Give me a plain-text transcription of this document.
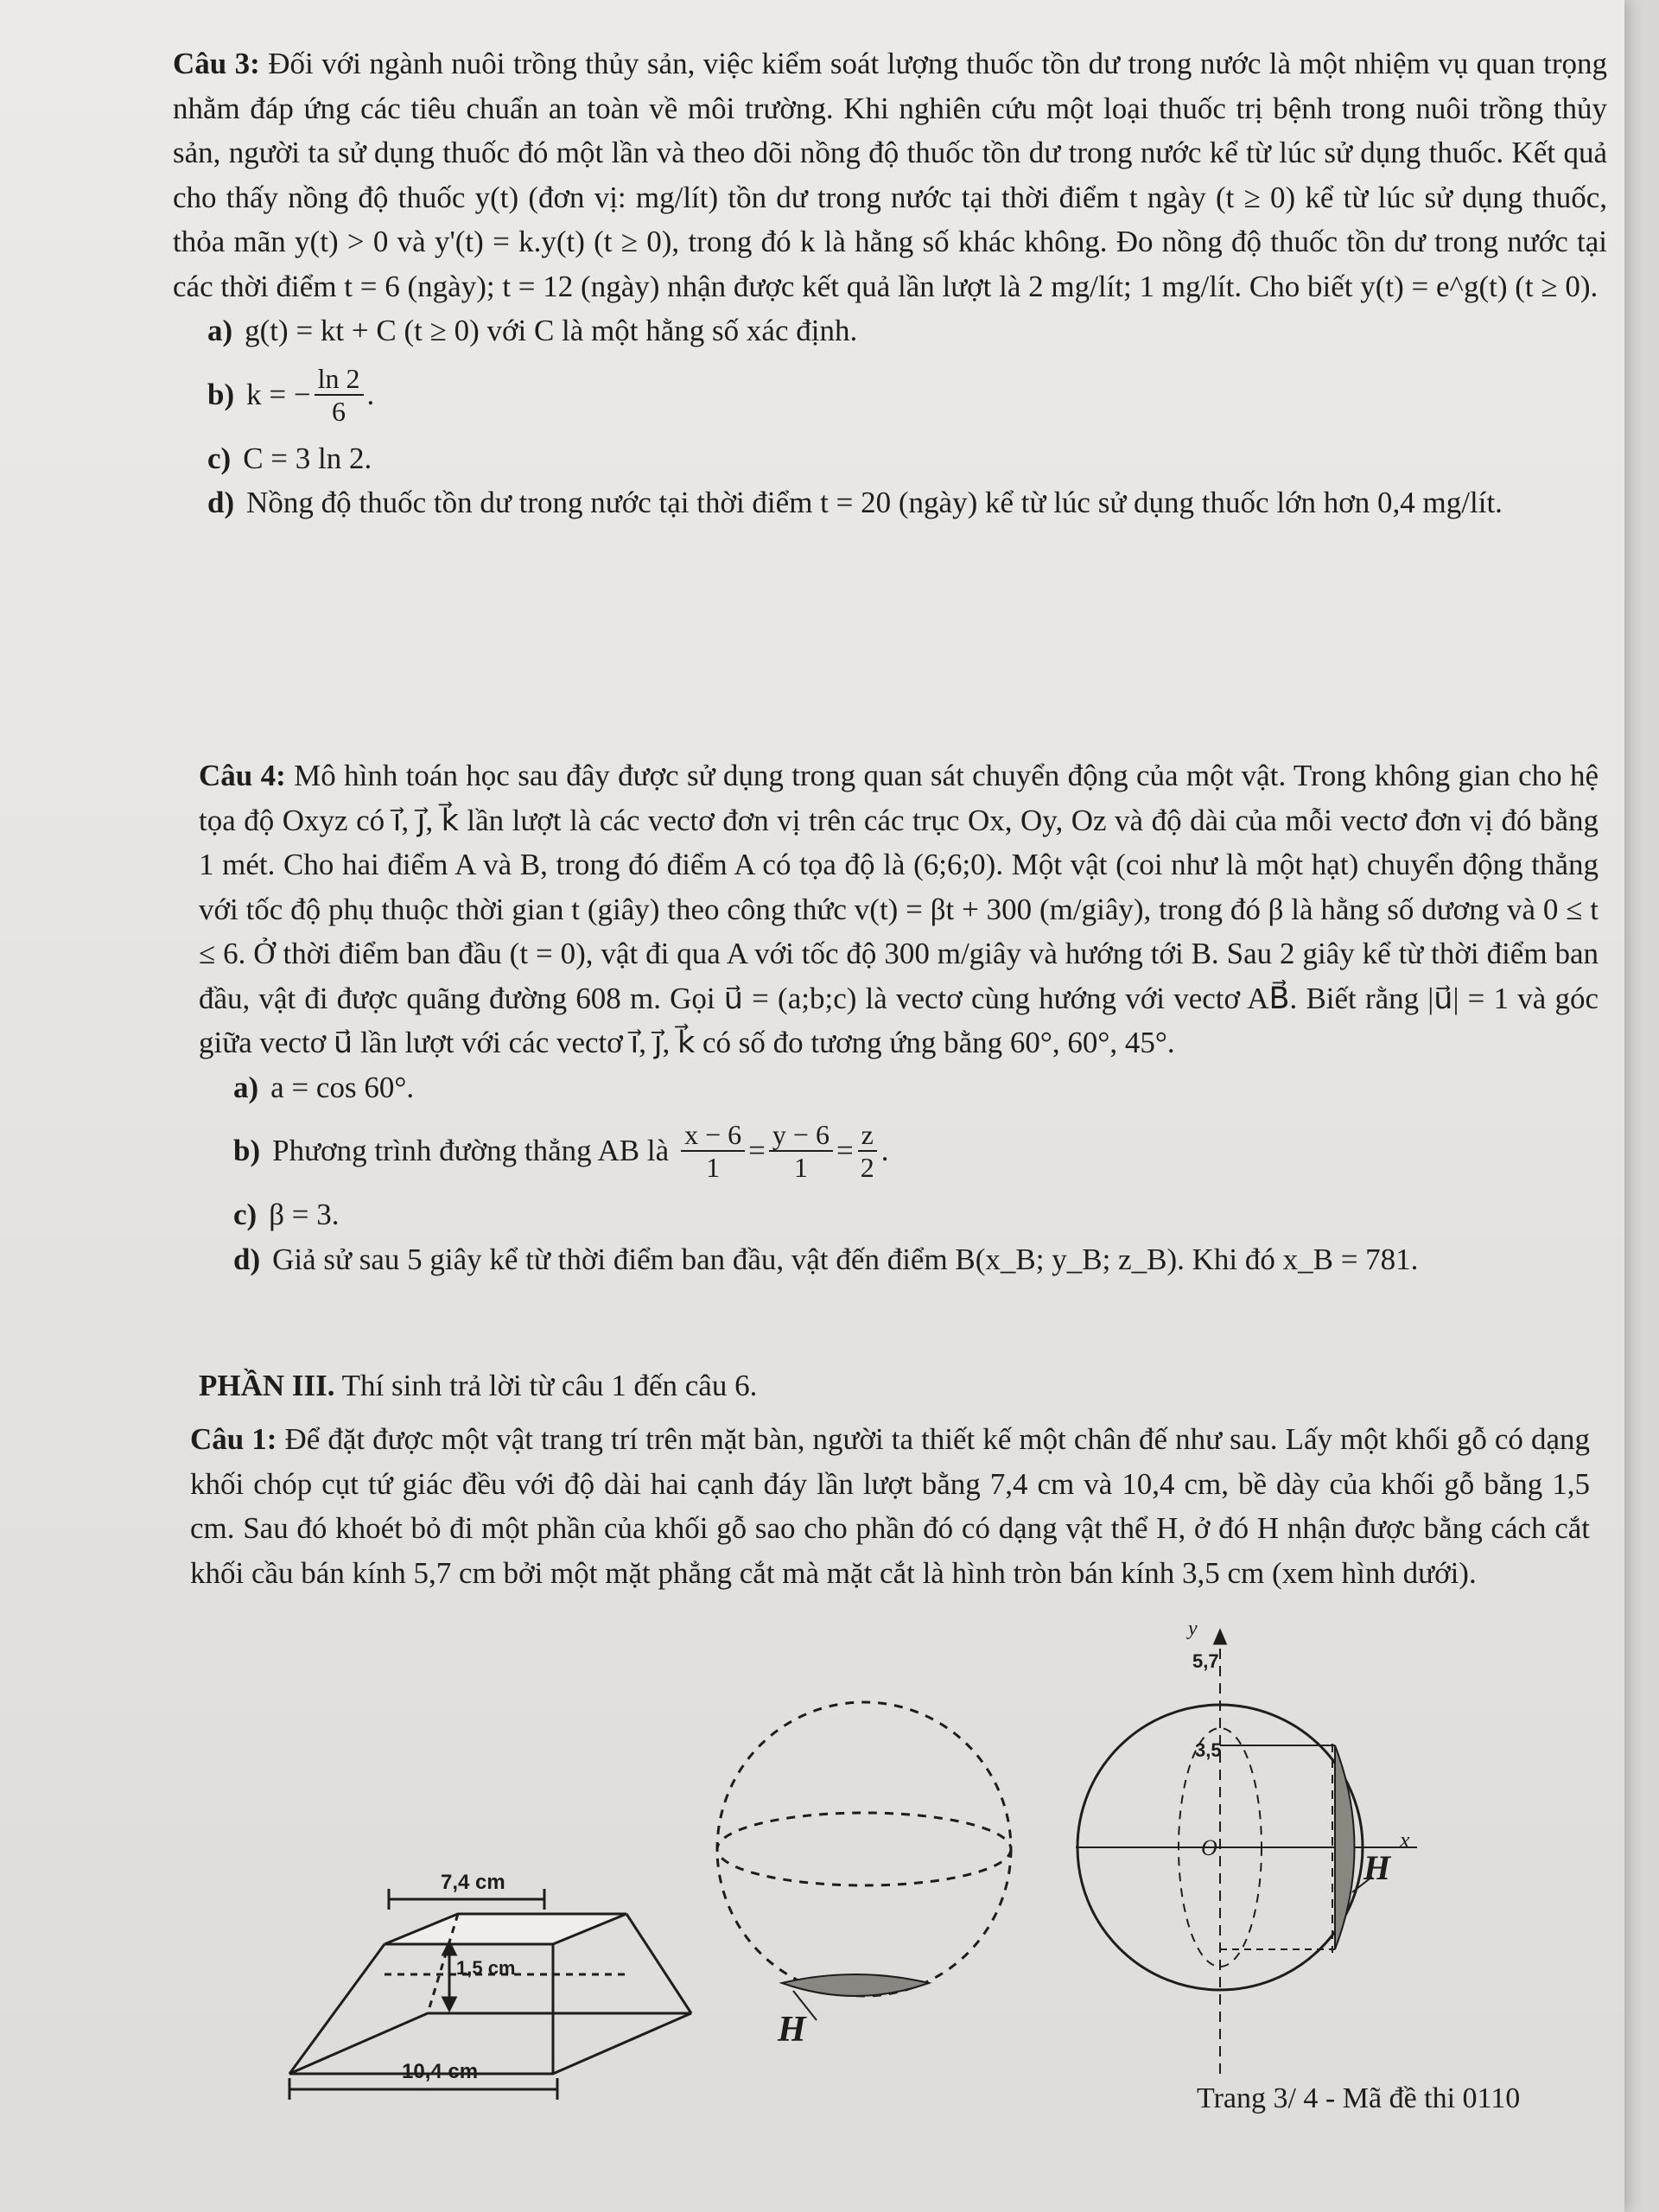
Câu 3: Đối với ngành nuôi trồng thủy sản, việc kiểm soát lượng thuốc tồn dư trong nước là một nhiệm vụ quan trọng nhằm đáp ứng các tiêu chuẩn an toàn về môi trường. Khi nghiên cứu một loại thuốc trị bệnh trong nuôi trồng thủy sản, người ta sử dụng thuốc đó một lần và theo dõi nồng độ thuốc tồn dư trong nước kể từ lúc sử dụng thuốc. Kết quả cho thấy nồng độ thuốc y(t) (đơn vị: mg/lít) tồn dư trong nước tại thời điểm t ngày (t ≥ 0) kể từ lúc sử dụng thuốc, thỏa mãn y(t) > 0 và y'(t) = k.y(t) (t ≥ 0), trong đó k là hằng số khác không. Đo nồng độ thuốc tồn dư trong nước tại các thời điểm t = 6 (ngày); t = 12 (ngày) nhận được kết quả lần lượt là 2 mg/lít; 1 mg/lít. Cho biết y(t) = e^g(t) (t ≥ 0).

a) g(t) = kt + C (t ≥ 0) với C là một hằng số xác định.
b) k = − $\frac{\ln 2}{6}$ .
c) C = 3 ln 2.
d) Nồng độ thuốc tồn dư trong nước tại thời điểm t = 20 (ngày) kể từ lúc sử dụng thuốc lớn hơn 0,4 mg/lít.

Câu 4: Mô hình toán học sau đây được sử dụng trong quan sát chuyển động của một vật. Trong không gian cho hệ tọa độ Oxyz có i⃗, j⃗, k⃗ lần lượt là các vectơ đơn vị trên các trục Ox, Oy, Oz và độ dài của mỗi vectơ đơn vị đó bằng 1 mét. Cho hai điểm A và B, trong đó điểm A có tọa độ là (6;6;0). Một vật (coi như là một hạt) chuyển động thẳng với tốc độ phụ thuộc thời gian t (giây) theo công thức v(t) = βt + 300 (m/giây), trong đó β là hằng số dương và 0 ≤ t ≤ 6. Ở thời điểm ban đầu (t = 0), vật đi qua A với tốc độ 300 m/giây và hướng tới B. Sau 2 giây kể từ thời điểm ban đầu, vật đi được quãng đường 608 m. Gọi u⃗ = (a;b;c) là vectơ cùng hướng với vectơ AB⃗. Biết rằng |u⃗| = 1 và góc giữa vectơ u⃗ lần lượt với các vectơ i⃗, j⃗, k⃗ có số đo tương ứng bằng 60°, 60°, 45°.

a) a = cos 60°.
b) Phương trình đường thẳng AB là $\frac{x - 6}{1} = \frac{y - 6}{1} = \frac{z}{2}$ .
c) β = 3.
d) Giả sử sau 5 giây kể từ thời điểm ban đầu, vật đến điểm B(x_B; y_B; z_B). Khi đó x_B = 781.

PHẦN III. Thí sinh trả lời từ câu 1 đến câu 6.

Câu 1: Để đặt được một vật trang trí trên mặt bàn, người ta thiết kế một chân đế như sau. Lấy một khối gỗ có dạng khối chóp cụt tứ giác đều với độ dài hai cạnh đáy lần lượt bằng 7,4 cm và 10,4 cm, bề dày của khối gỗ bằng 1,5 cm. Sau đó khoét bỏ đi một phần của khối gỗ sao cho phần đó có dạng vật thể H, ở đó H nhận được bằng cách cắt khối cầu bán kính 5,7 cm bởi một mặt phẳng cắt mà mặt cắt là hình tròn bán kính 3,5 cm (xem hình dưới).

7,4 cm
1,5 cm
10,4 cm
H
y
5,7
3,5
O	x
H
Trang 3/ 4 - Mã đề thi 0110
